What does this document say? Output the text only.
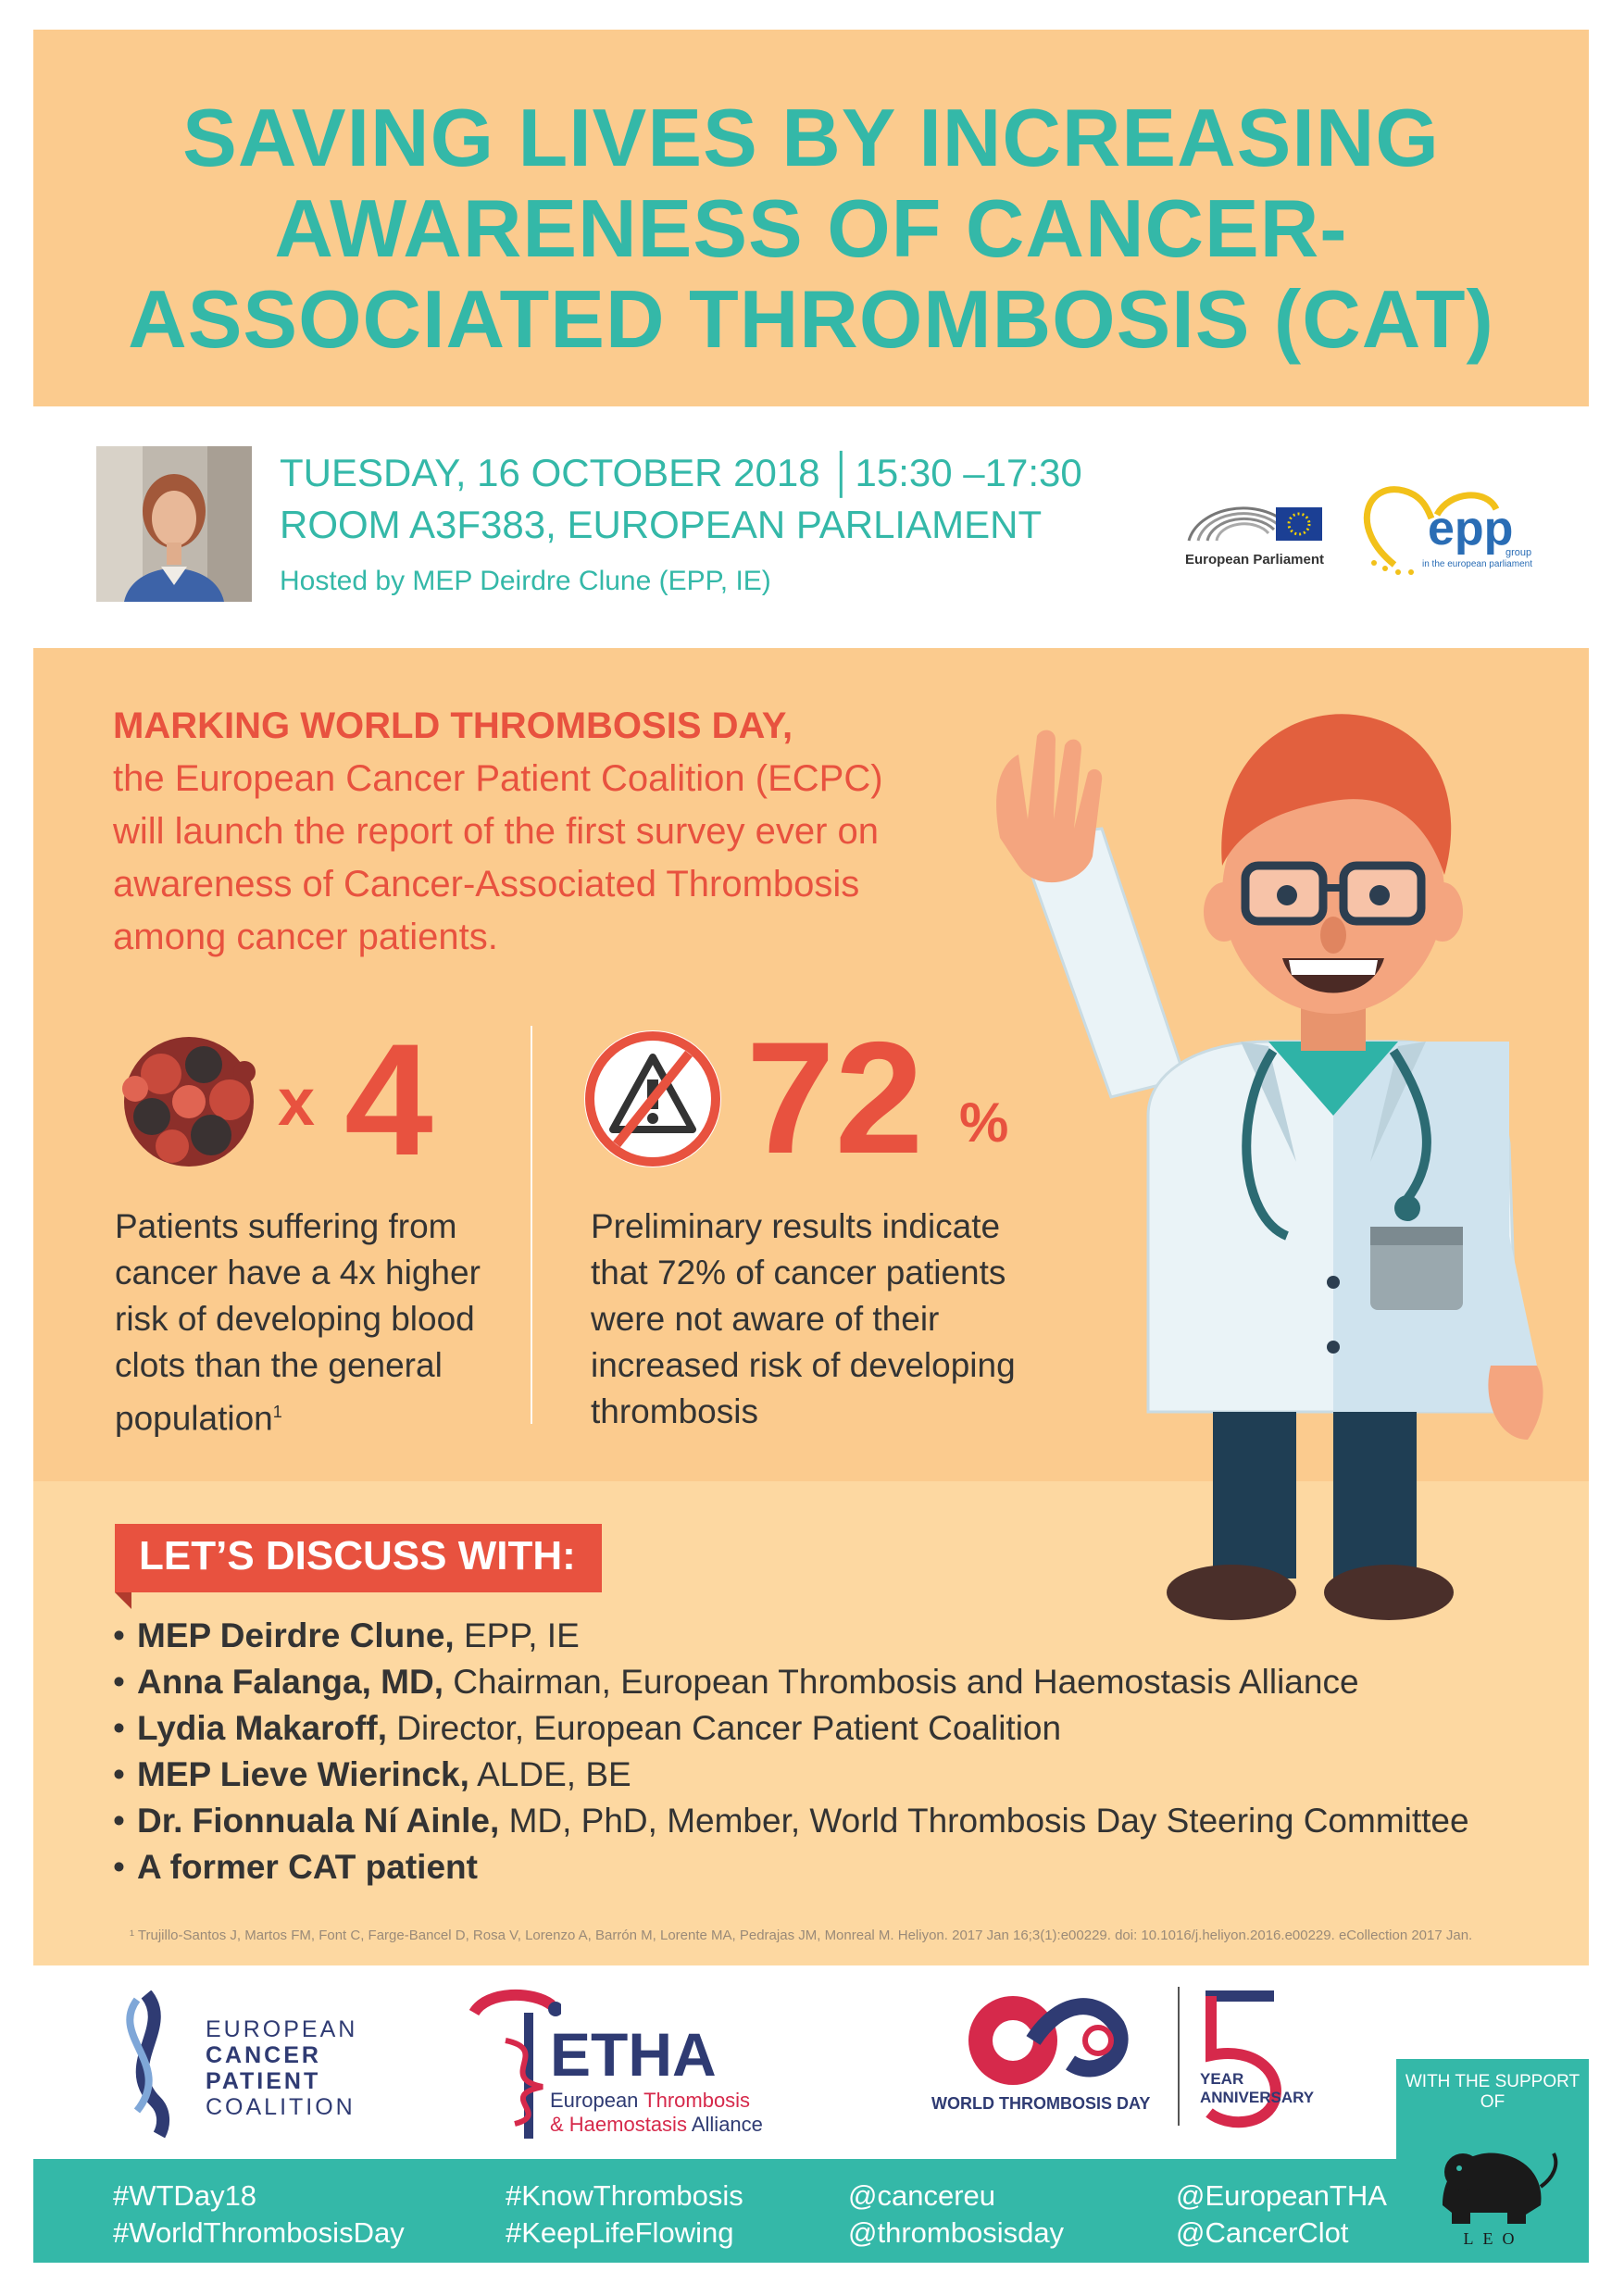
SAVING LIVES BY INCREASING
AWARENESS OF CANCER-
ASSOCIATED THROMBOSIS (CAT)
TUESDAY, 16 OCTOBER 2018 │15:30 –17:30
ROOM A3F383, EUROPEAN PARLIAMENT
Hosted by MEP Deirdre Clune (EPP, IE)
European Parliament
epp
group
in the european parliament
MARKING WORLD THROMBOSIS DAY,
the European Cancer Patient Coalition (ECPC)
will launch the report of the first survey ever on
awareness of Cancer-Associated Thrombosis
among cancer patients.
x 4
Patients suffering from
cancer have a 4x higher
risk of developing blood
clots than the general
population$^1$
72 %
Preliminary results indicate
that 72% of cancer patients
were not aware of their
increased risk of developing
thrombosis
LET’S DISCUSS WITH:
• MEP Deirdre Clune, EPP, IE
• Anna Falanga, MD, Chairman, European Thrombosis and Haemostasis Alliance
• Lydia Makaroff, Director, European Cancer Patient Coalition
• MEP Lieve Wierinck, ALDE, BE
• Dr. Fionnuala Ní Ainle, MD, PhD, Member, World Thrombosis Day Steering Committee
• A former CAT patient
¹ Trujillo-Santos J, Martos FM, Font C, Farge-Bancel D, Rosa V, Lorenzo A, Barrón M, Lorente MA, Pedrajas JM, Monreal M. Heliyon. 2017 Jan 16;3(1):e00229. doi: 10.1016/j.heliyon.2016.e00229. eCollection 2017 Jan.
EUROPEAN
CANCER
PATIENT
COALITION
ETHA
European Thrombosis
& Haemostasis Alliance
WORLD THROMBOSIS DAY
YEAR
ANNIVERSARY
#WTDay18
#WorldThrombosisDay
#KnowThrombosis
#KeepLifeFlowing
@cancereu
@thrombosisday
@EuropeanTHA
@CancerClot
WITH THE SUPPORT OF
LEO
